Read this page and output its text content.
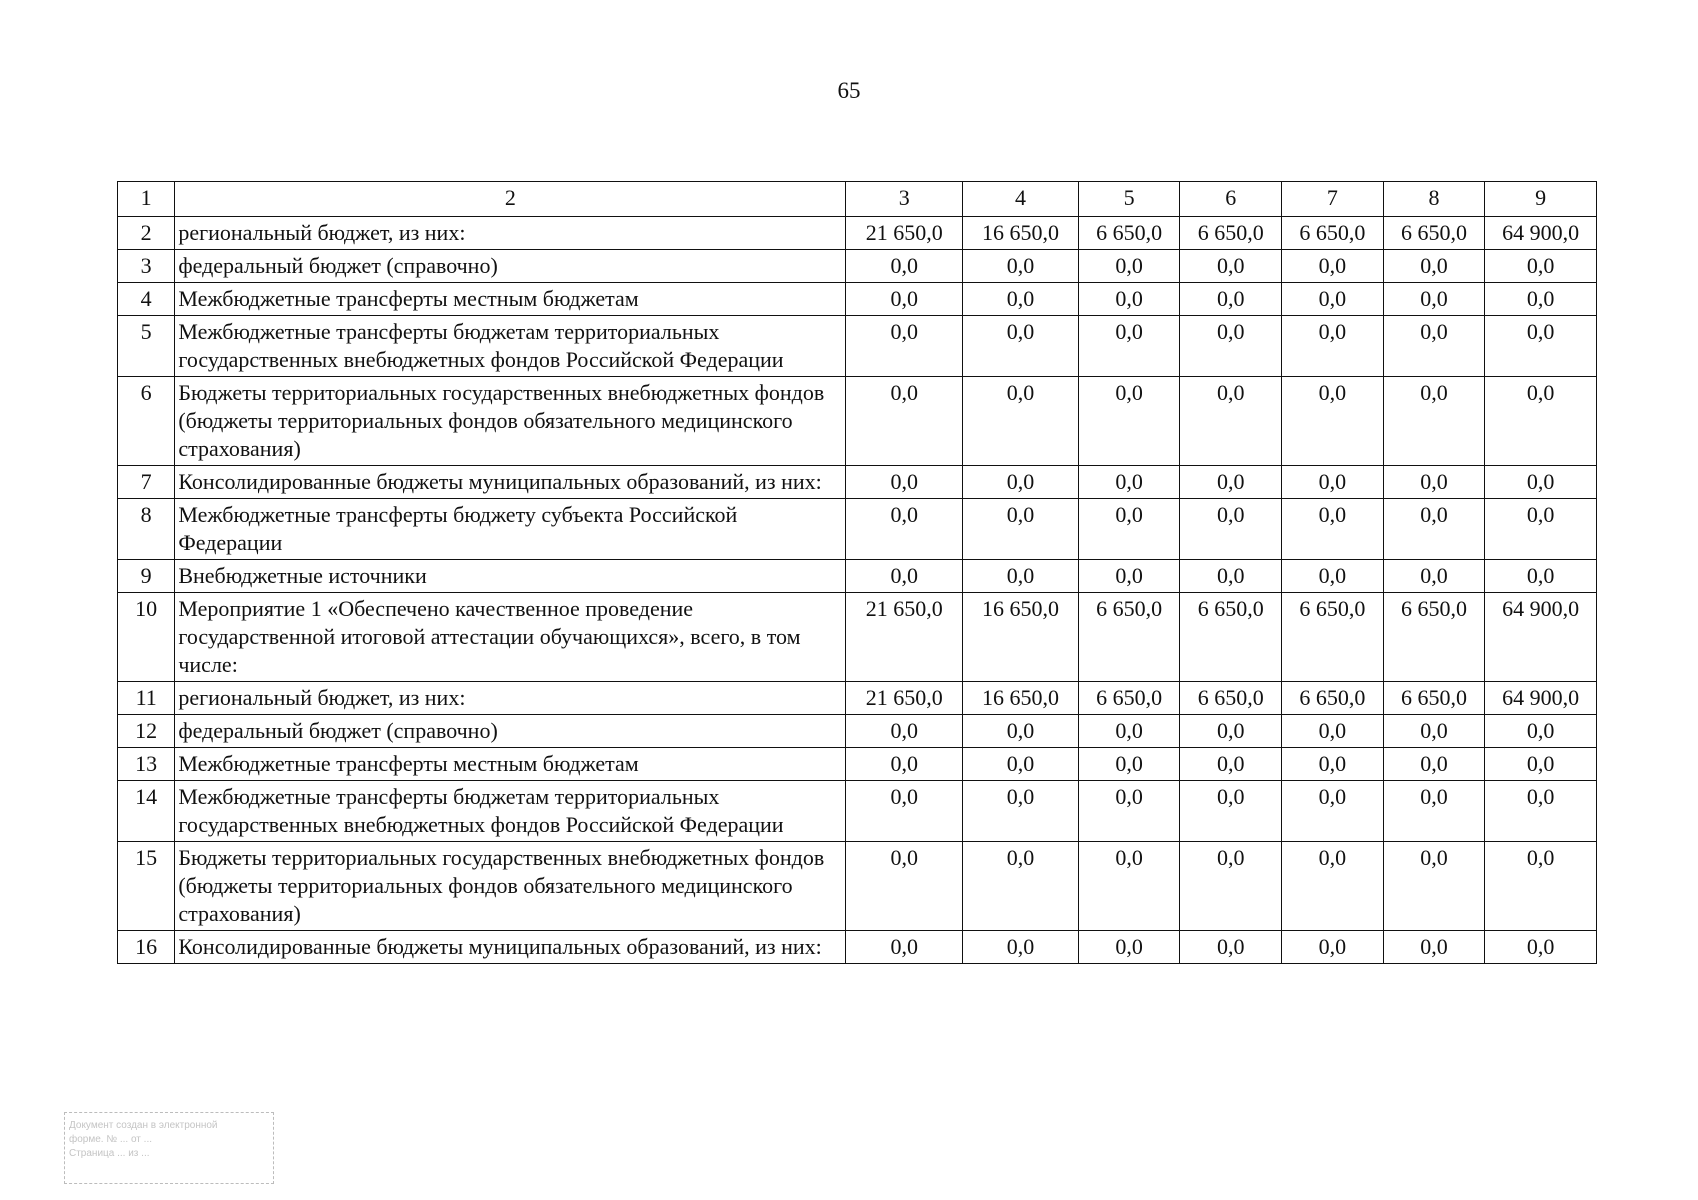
65
1	2	3	4	5	6	7	8	9
2	региональный бюджет, из них:	21 650,0	16 650,0	6 650,0	6 650,0	6 650,0	6 650,0	64 900,0
3	федеральный бюджет (справочно)	0,0	0,0	0,0	0,0	0,0	0,0	0,0
4	Межбюджетные трансферты местным бюджетам	0,0	0,0	0,0	0,0	0,0	0,0	0,0
5	Межбюджетные трансферты бюджетам территориальных государственных внебюджетных фондов Российской Федерации	0,0	0,0	0,0	0,0	0,0	0,0	0,0
6	Бюджеты территориальных государственных внебюджетных фондов (бюджеты территориальных фондов обязательного медицинского страхования)	0,0	0,0	0,0	0,0	0,0	0,0	0,0
7	Консолидированные бюджеты муниципальных образований, из них:	0,0	0,0	0,0	0,0	0,0	0,0	0,0
8	Межбюджетные трансферты бюджету субъекта Российской Федерации	0,0	0,0	0,0	0,0	0,0	0,0	0,0
9	Внебюджетные источники	0,0	0,0	0,0	0,0	0,0	0,0	0,0
10	Мероприятие 1 «Обеспечено качественное проведение государственной итоговой аттестации обучающихся», всего, в том числе:	21 650,0	16 650,0	6 650,0	6 650,0	6 650,0	6 650,0	64 900,0
11	региональный бюджет, из них:	21 650,0	16 650,0	6 650,0	6 650,0	6 650,0	6 650,0	64 900,0
12	федеральный бюджет (справочно)	0,0	0,0	0,0	0,0	0,0	0,0	0,0
13	Межбюджетные трансферты местным бюджетам	0,0	0,0	0,0	0,0	0,0	0,0	0,0
14	Межбюджетные трансферты бюджетам территориальных государственных внебюджетных фондов Российской Федерации	0,0	0,0	0,0	0,0	0,0	0,0	0,0
15	Бюджеты территориальных государственных внебюджетных фондов (бюджеты территориальных фондов обязательного медицинского страхования)	0,0	0,0	0,0	0,0	0,0	0,0	0,0
16	Консолидированные бюджеты муниципальных образований, из них:	0,0	0,0	0,0	0,0	0,0	0,0	0,0
Документ создан в электронной
форме. № ... от ...
Страница ... из ...
